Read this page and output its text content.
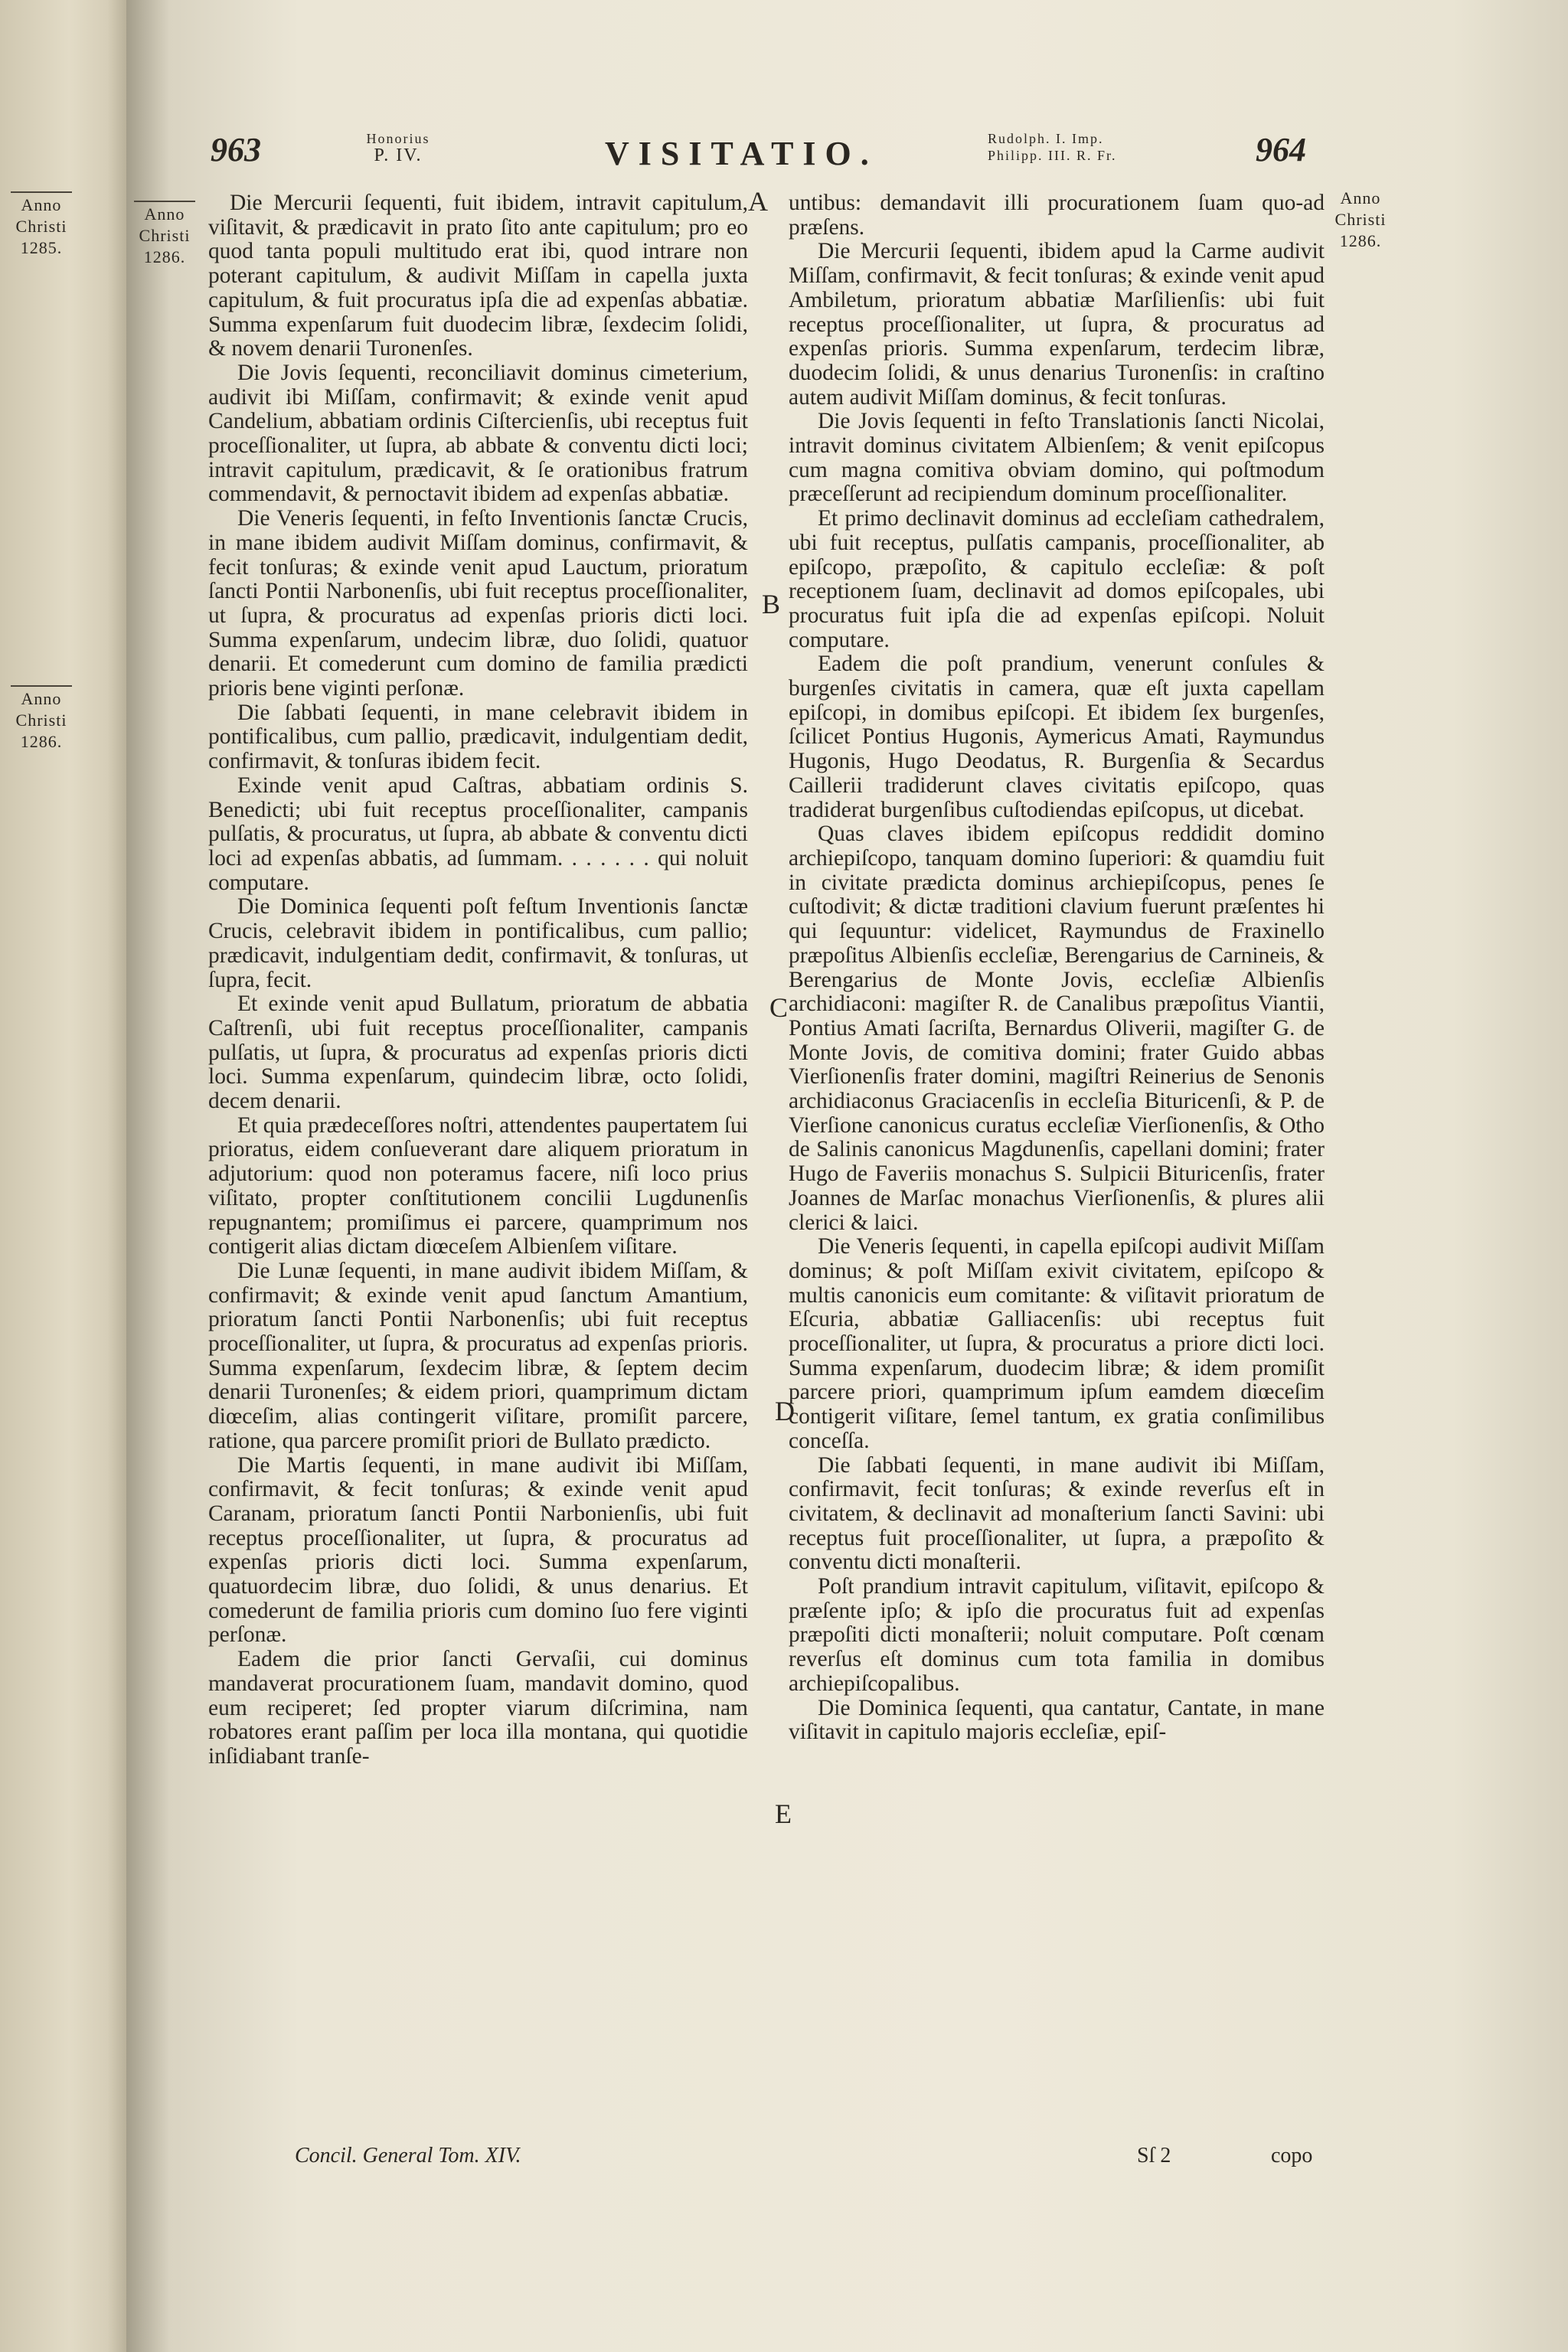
Anno
Christi
1285.
Anno
Christi
1286.
963	Honorius
P. IV.	VISITATIO.	Rudolph. I. Imp.
Philipp. III. R. Fr.	964
Anno
Christi
1286.
Anno
Christi
1286.
A
B
C
D
E

Die Mercurii ſequenti, fuit ibidem, intravit capitulum, viſitavit, & prædicavit in prato ſito ante capitulum; pro eo quod tanta populi multitudo erat ibi, quod intrare non poterant capitulum, & audivit Miſſam in capella juxta capitulum, & fuit procuratus ipſa die ad expenſas abbatiæ. Summa expenſarum fuit duodecim libræ, ſexdecim ſolidi, & novem denarii Turonenſes.

Die Jovis ſequenti, reconciliavit dominus cimeterium, audivit ibi Miſſam, confirmavit; & exinde venit apud Candelium, abbatiam ordinis Ciſtercienſis, ubi receptus fuit proceſſionaliter, ut ſupra, ab abbate & conventu dicti loci; intravit capitulum, prædicavit, & ſe orationibus fratrum commendavit, & pernoctavit ibidem ad expenſas abbatiæ.

Die Veneris ſequenti, in feſto Inventionis ſanctæ Crucis, in mane ibidem audivit Miſſam dominus, confirmavit, & fecit tonſuras; & exinde venit apud Lauctum, prioratum ſancti Pontii Narbonenſis, ubi fuit receptus proceſſionaliter, ut ſupra, & procuratus ad expenſas prioris dicti loci. Summa expenſarum, undecim libræ, duo ſolidi, quatuor denarii. Et comederunt cum domino de familia prædicti prioris bene viginti perſonæ.

Die ſabbati ſequenti, in mane celebravit ibidem in pontificalibus, cum pallio, prædicavit, indulgentiam dedit, confirmavit, & tonſuras ibidem fecit.

Exinde venit apud Caſtras, abbatiam ordinis S. Benedicti; ubi fuit receptus proceſſionaliter, campanis pulſatis, & procuratus, ut ſupra, ab abbate & conventu dicti loci ad expenſas abbatis, ad ſummam. . . . . . . qui noluit computare.

Die Dominica ſequenti poſt feſtum Inventionis ſanctæ Crucis, celebravit ibidem in pontificalibus, cum pallio; prædicavit, indulgentiam dedit, confirmavit, & tonſuras, ut ſupra, fecit.

Et exinde venit apud Bullatum, prioratum de abbatia Caſtrenſi, ubi fuit receptus proceſſionaliter, campanis pulſatis, ut ſupra, & procuratus ad expenſas prioris dicti loci. Summa expenſarum, quindecim libræ, octo ſolidi, decem denarii.

Et quia prædeceſſores noſtri, attendentes paupertatem ſui prioratus, eidem conſueverant dare aliquem prioratum in adjutorium: quod non poteramus facere, niſi loco prius viſitato, propter conſtitutionem concilii Lugdunenſis repugnantem; promiſimus ei parcere, quamprimum nos contigerit alias dictam diœceſem Albienſem viſitare.

Die Lunæ ſequenti, in mane audivit ibidem Miſſam, & confirmavit; & exinde venit apud ſanctum Amantium, prioratum ſancti Pontii Narbonenſis; ubi fuit receptus proceſſionaliter, ut ſupra, & procuratus ad expenſas prioris. Summa expenſarum, ſexdecim libræ, & ſeptem decim denarii Turonenſes; & eidem priori, quamprimum dictam diœceſim, alias contingerit viſitare, promiſit parcere, ratione, qua parcere promiſit priori de Bullato prædicto.

Die Martis ſequenti, in mane audivit ibi Miſſam, confirmavit, & fecit tonſuras; & exinde venit apud Caranam, prioratum ſancti Pontii Narbonienſis, ubi fuit receptus proceſſionaliter, ut ſupra, & procuratus ad expenſas prioris dicti loci. Summa expenſarum, quatuordecim libræ, duo ſolidi, & unus denarius. Et comederunt de familia prioris cum domino ſuo fere viginti perſonæ.

Eadem die prior ſancti Gervaſii, cui dominus mandaverat procurationem ſuam, mandavit domino, quod eum reciperet; ſed propter viarum diſcrimina, nam robatores erant paſſim per loca illa montana, qui quotidie inſidiabant tranſe-

untibus: demandavit illi procurationem ſuam quo-ad præſens.

Die Mercurii ſequenti, ibidem apud la Carme audivit Miſſam, confirmavit, & fecit tonſuras; & exinde venit apud Ambiletum, prioratum abbatiæ Marſilienſis: ubi fuit receptus proceſſionaliter, ut ſupra, & procuratus ad expenſas prioris. Summa expenſarum, terdecim libræ, duodecim ſolidi, & unus denarius Turonenſis: in craſtino autem audivit Miſſam dominus, & fecit tonſuras.

Die Jovis ſequenti in feſto Translationis ſancti Nicolai, intravit dominus civitatem Albienſem; & venit epiſcopus cum magna comitiva obviam domino, qui poſtmodum præceſſerunt ad recipiendum dominum proceſſionaliter.

Et primo declinavit dominus ad eccleſiam cathedralem, ubi fuit receptus, pulſatis campanis, proceſſionaliter, ab epiſcopo, præpoſito, & capitulo eccleſiæ: & poſt receptionem ſuam, declinavit ad domos epiſcopales, ubi procuratus fuit ipſa die ad expenſas epiſcopi. Noluit computare.

Eadem die poſt prandium, venerunt conſules & burgenſes civitatis in camera, quæ eſt juxta capellam epiſcopi, in domibus epiſcopi. Et ibidem ſex burgenſes, ſcilicet Pontius Hugonis, Aymericus Amati, Raymundus Hugonis, Hugo Deodatus, R. Burgenſia & Secardus Caillerii tradiderunt claves civitatis epiſcopo, quas tradiderat burgenſibus cuſtodiendas epiſcopus, ut dicebat.

Quas claves ibidem epiſcopus reddidit domino archiepiſcopo, tanquam domino ſuperiori: & quamdiu fuit in civitate prædicta dominus archiepiſcopus, penes ſe cuſtodivit; & dictæ traditioni clavium fuerunt præſentes hi qui ſequuntur: videlicet, Raymundus de Fraxinello præpoſitus Albienſis eccleſiæ, Berengarius de Carnineis, & Berengarius de Monte Jovis, eccleſiæ Albienſis archidiaconi: magiſter R. de Canalibus præpoſitus Viantii, Pontius Amati ſacriſta, Bernardus Oliverii, magiſter G. de Monte Jovis, de comitiva domini; frater Guido abbas Vierſionenſis frater domini, magiſtri Reinerius de Senonis archidiaconus Graciacenſis in eccleſia Bituricenſi, & P. de Vierſione canonicus curatus eccleſiæ Vierſionenſis, & Otho de Salinis canonicus Magdunenſis, capellani domini; frater Hugo de Faveriis monachus S. Sulpicii Bituricenſis, frater Joannes de Marſac monachus Vierſionenſis, & plures alii clerici & laici.

Die Veneris ſequenti, in capella epiſcopi audivit Miſſam dominus; & poſt Miſſam exivit civitatem, epiſcopo & multis canonicis eum comitante: & viſitavit prioratum de Eſcuria, abbatiæ Galliacenſis: ubi receptus fuit proceſſionaliter, ut ſupra, & procuratus a priore dicti loci. Summa expenſarum, duodecim libræ; & idem promiſit parcere priori, quamprimum ipſum eamdem diœceſim contigerit viſitare, ſemel tantum, ex gratia conſimilibus conceſſa.

Die ſabbati ſequenti, in mane audivit ibi Miſſam, confirmavit, fecit tonſuras; & exinde reverſus eſt in civitatem, & declinavit ad monaſterium ſancti Savini: ubi receptus fuit proceſſionaliter, ut ſupra, a præpoſito & conventu dicti monaſterii.

Poſt prandium intravit capitulum, viſitavit, epiſcopo & præſente ipſo; & ipſo die procuratus fuit ad expenſas præpoſiti dicti monaſterii; noluit computare. Poſt cœnam reverſus eſt dominus cum tota familia in domibus archiepiſcopalibus.

Die Dominica ſequenti, qua cantatur, Cantate, in mane viſitavit in capitulo majoris eccleſiæ, epiſ-

Concil. General Tom. XIV.	Sſ 2	copo
